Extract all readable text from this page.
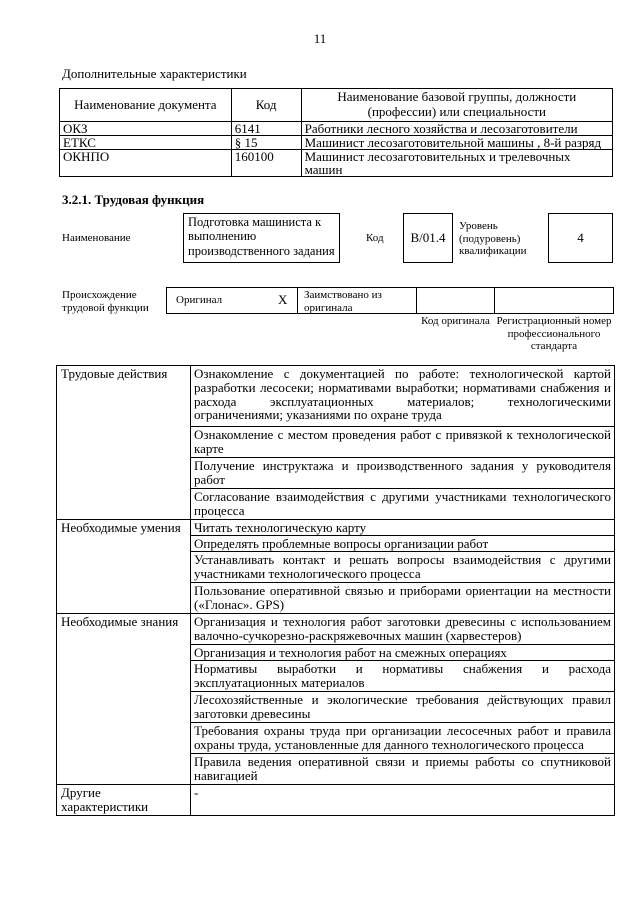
11
Дополнительные характеристики
Наименование документа	Код	Наименование базовой группы, должности (профессии) или специальности
ОКЗ	6141	Работники лесного хозяйства и лесозаготовители
ЕТКС	§ 15	Машинист лесозаготовительной машины , 8-й разряд
ОКНПО	160100	Машинист лесозаготовительных и трелевочных машин
3.2.1. Трудовая функция
Наименование
Подготовка машиниста к выполнению производственного задания
Код	B/01.4
Уровень (подуровень) квалификации
4
Происхождение трудовой функции
Оригинал	X Заимствовано из оригинала
Код оригинала Регистрационный номер профессионального стандарта
Трудовые действия	Ознакомление с документацией по работе: технологической картой разработки лесосеки; нормативами выработки; нормативами снабжения и расхода эксплуатационных материалов; технологическими ограничениями; указаниями по охране труда
	Ознакомление с местом проведения работ с привязкой к технологической карте
	Получение инструктажа и производственного задания у руководителя работ
	Согласование взаимодействия с другими участниками технологического процесса
Необходимые умения	Читать технологическую карту
	Определять проблемные вопросы организации работ
	Устанавливать контакт и решать вопросы взаимодействия с другими участниками технологического процесса
	Пользование оперативной связью и приборами ориентации на местности («Глонас». GPS)
Необходимые знания	Организация и технология работ заготовки древесины с использованием валочно-сучкорезно-раскряжевочных машин (харвестеров)
	Организация и технология работ на смежных операциях
	Нормативы выработки и нормативы снабжения и расхода эксплуатационных материалов
	Лесохозяйственные и экологические требования действующих правил заготовки древесины
	Требования охраны труда при организации лесосечных работ и правила охраны труда, установленные для данного технологического процесса
	Правила ведения оперативной связи и приемы работы со спутниковой навигацией
Другие характеристики	-
